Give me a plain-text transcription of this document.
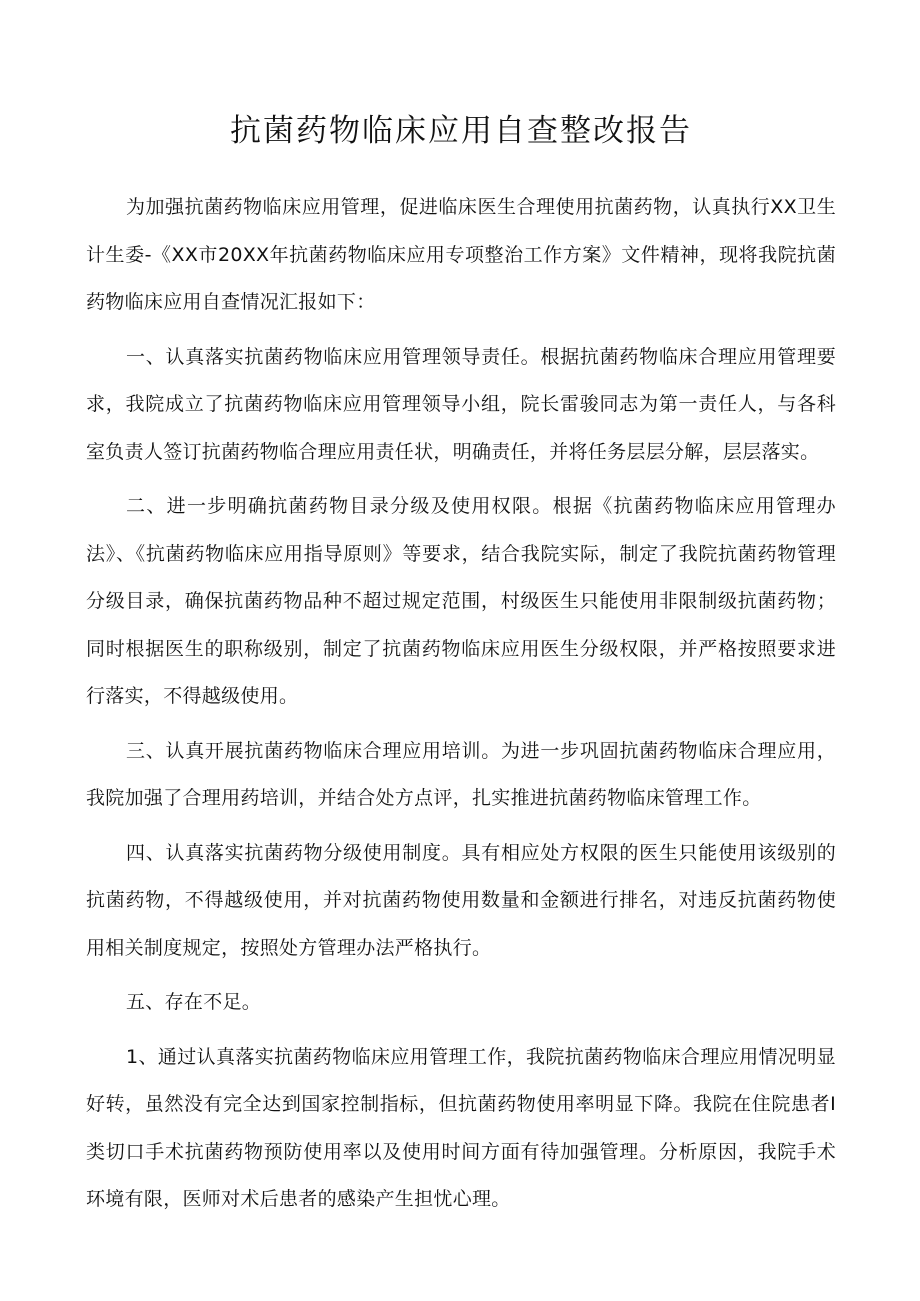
抗菌药物临床应用自查整改报告

为加强抗菌药物临床应用管理，促进临床医生合理使用抗菌药物，认真执行XX卫生计生委-《XX市20XX年抗菌药物临床应用专项整治工作方案》文件精神，现将我院抗菌药物临床应用自查情况汇报如下：

一、认真落实抗菌药物临床应用管理领导责任。根据抗菌药物临床合理应用管理要求，我院成立了抗菌药物临床应用管理领导小组，院长雷骏同志为第一责任人，与各科室负责人签订抗菌药物临合理应用责任状，明确责任，并将任务层层分解，层层落实。

二、进一步明确抗菌药物目录分级及使用权限。根据《抗菌药物临床应用管理办法》、《抗菌药物临床应用指导原则》等要求，结合我院实际，制定了我院抗菌药物管理分级目录，确保抗菌药物品种不超过规定范围，村级医生只能使用非限制级抗菌药物；同时根据医生的职称级别，制定了抗菌药物临床应用医生分级权限，并严格按照要求进行落实，不得越级使用。

三、认真开展抗菌药物临床合理应用培训。为进一步巩固抗菌药物临床合理应用，我院加强了合理用药培训，并结合处方点评，扎实推进抗菌药物临床管理工作。

四、认真落实抗菌药物分级使用制度。具有相应处方权限的医生只能使用该级别的抗菌药物，不得越级使用，并对抗菌药物使用数量和金额进行排名，对违反抗菌药物使用相关制度规定，按照处方管理办法严格执行。

五、存在不足。

1、通过认真落实抗菌药物临床应用管理工作，我院抗菌药物临床合理应用情况明显好转，虽然没有完全达到国家控制指标，但抗菌药物使用率明显下降。我院在住院患者I类切口手术抗菌药物预防使用率以及使用时间方面有待加强管理。分析原因，我院手术环境有限，医师对术后患者的感染产生担忧心理。
